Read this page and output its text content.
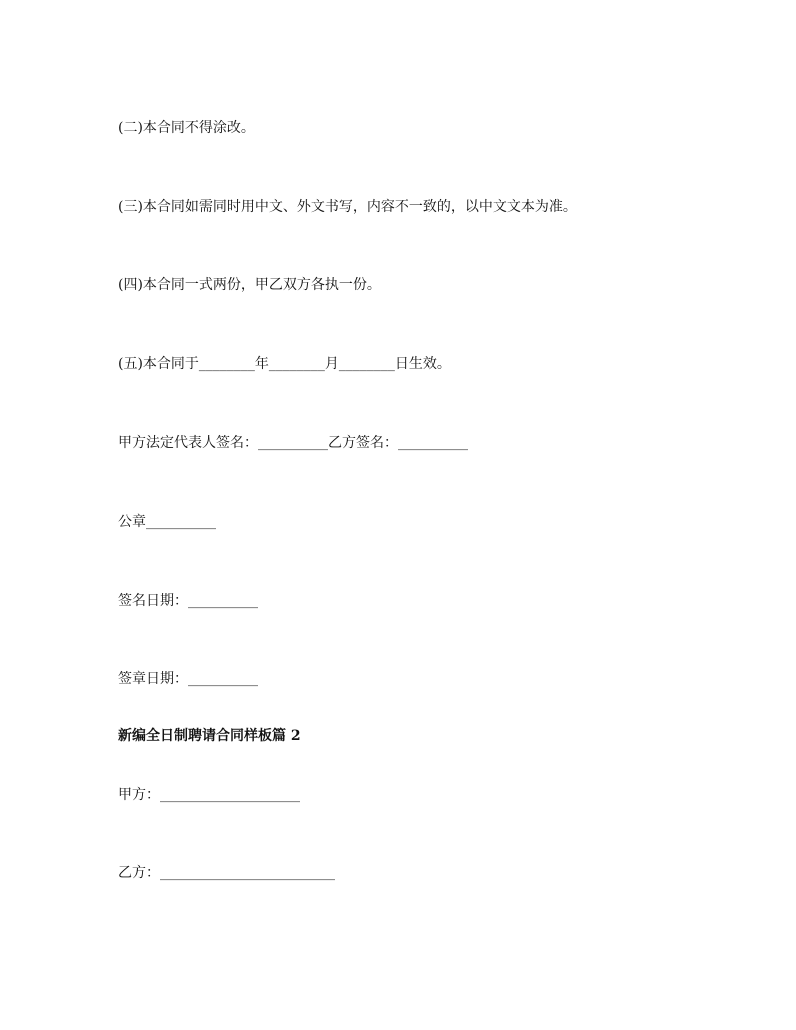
(二)本合同不得涂改。
(三)本合同如需同时用中文、外文书写，内容不一致的，以中文文本为准。
(四)本合同一式两份，甲乙双方各执一份。
(五)本合同于________年________月________日生效。
甲方法定代表人签名：__________乙方签名：__________
公章__________
签名日期：__________
签章日期：__________
新编全日制聘请合同样板篇 2
甲方：____________________
乙方：_________________________
